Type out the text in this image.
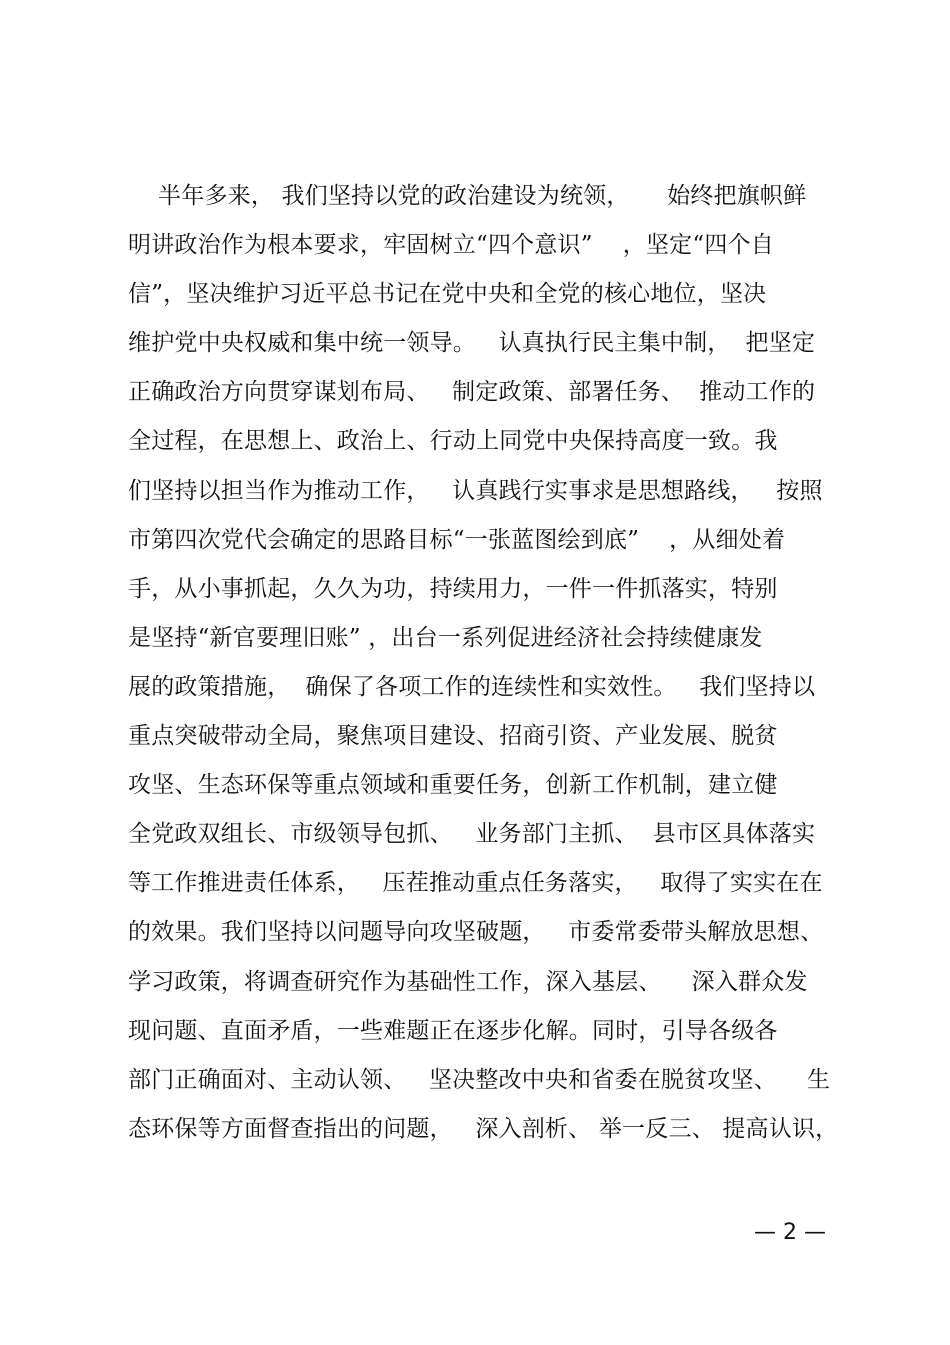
半年多来， 我们坚持以党的政治建设为统领，     始终把旗帜鲜
明讲政治作为根本要求，牢固树立“四个意识”    ，坚定“四个自
信”，坚决维护习近平总书记在党中央和全党的核心地位，坚决
维护党中央权威和集中统一领导。   认真执行民主集中制，  把坚定
正确政治方向贯穿谋划布局、   制定政策、部署任务、  推动工作的
全过程，在思想上、政治上、行动上同党中央保持高度一致。我
们坚持以担当作为推动工作，   认真践行实事求是思想路线，   按照
市第四次党代会确定的思路目标“一张蓝图绘到底”    ，从细处着
手，从小事抓起，久久为功，持续用力，一件一件抓落实，特别
是坚持“新官要理旧账” ，出台一系列促进经济社会持续健康发
展的政策措施，  确保了各项工作的连续性和实效性。   我们坚持以
重点突破带动全局，聚焦项目建设、招商引资、产业发展、脱贫
攻坚、生态环保等重点领域和重要任务，创新工作机制，建立健
全党政双组长、市级领导包抓、   业务部门主抓、  县市区具体落实
等工作推进责任体系，   压茬推动重点任务落实，   取得了实实在在
的效果。我们坚持以问题导向攻坚破题，   市委常委带头解放思想、
学习政策，将调查研究作为基础性工作，深入基层、    深入群众发
现问题、直面矛盾，一些难题正在逐步化解。同时，引导各级各
部门正确面对、主动认领、   坚决整改中央和省委在脱贫攻坚、    生
态环保等方面督查指出的问题，   深入剖析、 举一反三、 提高认识，
— 2 —
